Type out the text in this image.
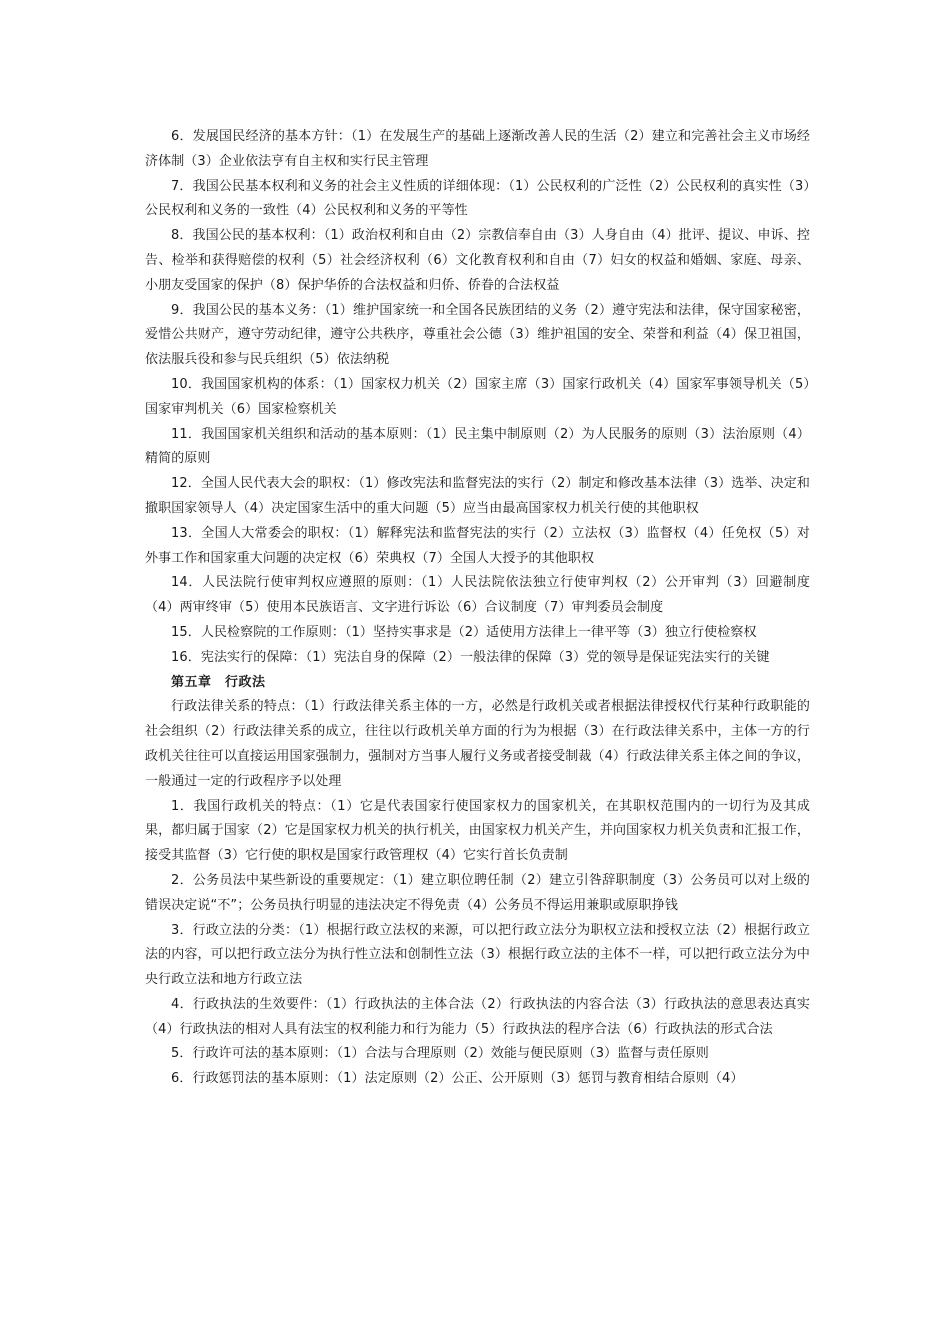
6．发展国民经济的基本方针：（1）在发展生产的基础上逐渐改善人民的生活（2）建立和完善社会主义市场经济体制（3）企业依法亨有自主权和实行民主管理

7．我国公民基本权利和义务的社会主义性质的详细体现：（1）公民权利的广泛性（2）公民权利的真实性（3）公民权利和义务的一致性（4）公民权利和义务的平等性

8．我国公民的基本权利：（1）政治权利和自由（2）宗教信奉自由（3）人身自由（4）批评、提议、申诉、控告、检举和获得赔偿的权利（5）社会经济权利（6）文化教育权利和自由（7）妇女的权益和婚姻、家庭、母亲、小朋友受国家的保护（8）保护华侨的合法权益和归侨、侨眷的合法权益

9．我国公民的基本义务：（1）维护国家统一和全国各民族团结的义务（2）遵守宪法和法律，保守国家秘密，爱惜公共财产，遵守劳动纪律，遵守公共秩序，尊重社会公德（3）维护祖国的安全、荣誉和利益（4）保卫祖国，依法服兵役和参与民兵组织（5）依法纳税

10．我国国家机构的体系：（1）国家权力机关（2）国家主席（3）国家行政机关（4）国家军事领导机关（5）国家审判机关（6）国家检察机关

11．我国国家机关组织和活动的基本原则：（1）民主集中制原则（2）为人民服务的原则（3）法治原则（4）精简的原则

12．全国人民代表大会的职权：（1）修改宪法和监督宪法的实行（2）制定和修改基本法律（3）选举、决定和撤职国家领导人（4）决定国家生活中的重大问题（5）应当由最高国家权力机关行使的其他职权

13．全国人大常委会的职权：（1）解释宪法和监督宪法的实行（2）立法权（3）监督权（4）任免权（5）对外事工作和国家重大问题的决定权（6）荣典权（7）全国人大授予的其他职权

14．人民法院行使审判权应遵照的原则：（1）人民法院依法独立行使审判权（2）公开审判（3）回避制度（4）两审终审（5）使用本民族语言、文字进行诉讼（6）合议制度（7）审判委员会制度

15．人民检察院的工作原则：（1）坚持实事求是（2）适使用方法律上一律平等（3）独立行使检察权

16．宪法实行的保障：（1）宪法自身的保障（2）一般法律的保障（3）党的领导是保证宪法实行的关键

第五章　行政法

行政法律关系的特点：（1）行政法律关系主体的一方，必然是行政机关或者根据法律授权代行某种行政职能的社会组织（2）行政法律关系的成立，往往以行政机关单方面的行为为根据（3）在行政法律关系中，主体一方的行政机关往往可以直接运用国家强制力，强制对方当事人履行义务或者接受制裁（4）行政法律关系主体之间的争议，一般通过一定的行政程序予以处理

1．我国行政机关的特点：（1）它是代表国家行使国家权力的国家机关，在其职权范围内的一切行为及其成果，都归属于国家（2）它是国家权力机关的执行机关，由国家权力机关产生，并向国家权力机关负责和汇报工作，接受其监督（3）它行使的职权是国家行政管理权（4）它实行首长负责制

2．公务员法中某些新设的重要规定：（1）建立职位聘任制（2）建立引咎辞职制度（3）公务员可以对上级的错误决定说“不”；公务员执行明显的违法决定不得免责（4）公务员不得运用兼职或原职挣钱

3．行政立法的分类：（1）根据行政立法权的来源，可以把行政立法分为职权立法和授权立法（2）根据行政立法的内容，可以把行政立法分为执行性立法和创制性立法（3）根据行政立法的主体不一样，可以把行政立法分为中央行政立法和地方行政立法

4．行政执法的生效要件：（1）行政执法的主体合法（2）行政执法的内容合法（3）行政执法的意思表达真实（4）行政执法的相对人具有法宝的权利能力和行为能力（5）行政执法的程序合法（6）行政执法的形式合法

5．行政许可法的基本原则：（1）合法与合理原则（2）效能与便民原则（3）监督与责任原则

6．行政惩罚法的基本原则：（1）法定原则（2）公正、公开原则（3）惩罚与教育相结合原则（4）
